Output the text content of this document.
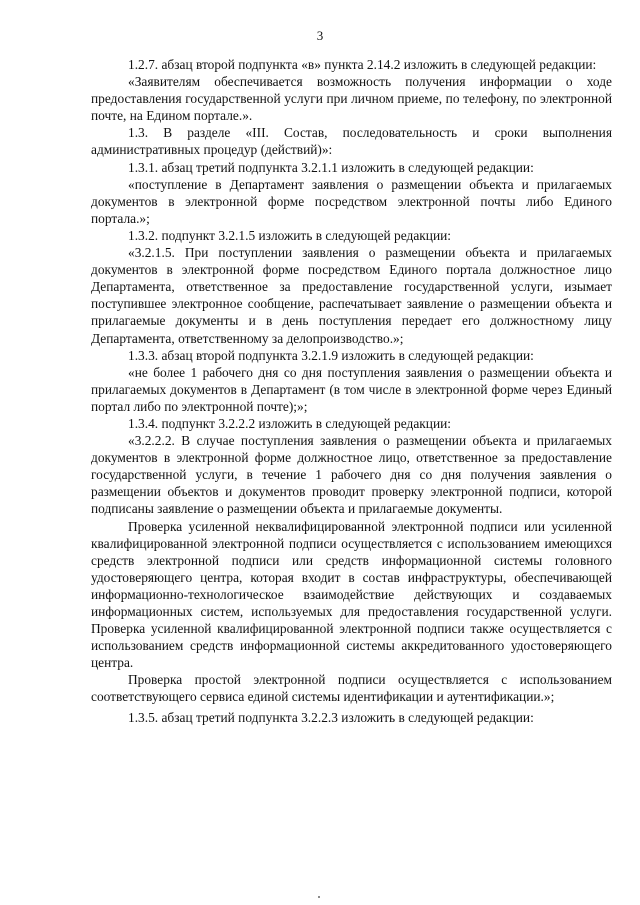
3

1.2.7. абзац второй подпункта «в» пункта 2.14.2 изложить в следующей редакции:

«Заявителям обеспечивается возможность получения информации о ходе предоставления государственной услуги при личном приеме, по телефону, по электронной почте, на Едином портале.».

1.3. В разделе «III. Состав, последовательность и сроки выполнения административных процедур (действий)»:

1.3.1. абзац третий подпункта 3.2.1.1 изложить в следующей редакции:

«поступление в Департамент заявления о размещении объекта и прилагаемых документов в электронной форме посредством электронной почты либо Единого портала.»;

1.3.2. подпункт 3.2.1.5 изложить в следующей редакции:

«3.2.1.5. При поступлении заявления о размещении объекта и прилагаемых документов в электронной форме посредством Единого портала должностное лицо Департамента, ответственное за предоставление государственной услуги, изымает поступившее электронное сообщение, распечатывает заявление о размещении объекта и прилагаемые документы и в день поступления передает его должностному лицу Департамента, ответственному за делопроизводство.»;

1.3.3. абзац второй подпункта 3.2.1.9 изложить в следующей редакции:

«не более 1 рабочего дня со дня поступления заявления о размещении объекта и прилагаемых документов в Департамент (в том числе в электронной форме через Единый портал либо по электронной почте);»;

1.3.4. подпункт 3.2.2.2 изложить в следующей редакции:

«3.2.2.2. В случае поступления заявления о размещении объекта и прилагаемых документов в электронной форме должностное лицо, ответственное за предоставление государственной услуги, в течение 1 рабочего дня со дня получения заявления о размещении объектов и документов проводит проверку электронной подписи, которой подписаны заявление о размещении объекта и прилагаемые документы.

Проверка усиленной неквалифицированной электронной подписи или усиленной квалифицированной электронной подписи осуществляется с использованием имеющихся средств электронной подписи или средств информационной системы головного удостоверяющего центра, которая входит в состав инфраструктуры, обеспечивающей информационно-технологическое взаимодействие действующих и создаваемых информационных систем, используемых для предоставления государственной услуги. Проверка усиленной квалифицированной электронной подписи также осуществляется с использованием средств информационной системы аккредитованного удостоверяющего центра.

Проверка простой электронной подписи осуществляется с использованием соответствующего сервиса единой системы идентификации и аутентификации.»;

1.3.5. абзац третий подпункта 3.2.2.3 изложить в следующей редакции:
